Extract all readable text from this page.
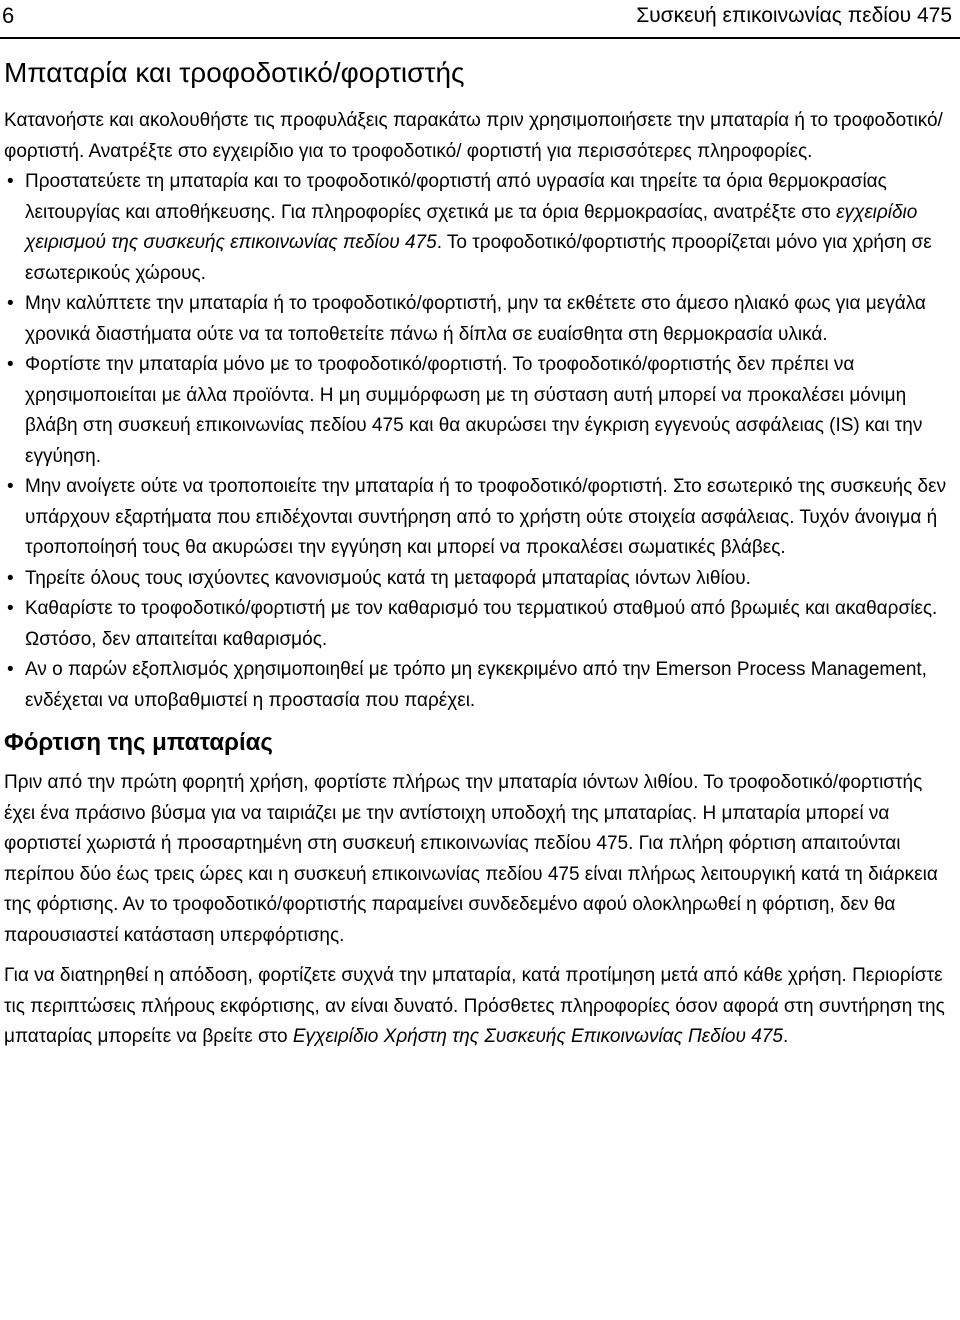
6	Συσκευή επικοινωνίας πεδίου 475
Μπαταρία και τροφοδοτικό/φορτιστής

Κατανοήστε και ακολουθήστε τις προφυλάξεις παρακάτω πριν χρησιμοποιήσετε την μπαταρία ή το τροφοδοτικό/φορτιστή. Ανατρέξτε στο εγχειρίδιο για το τροφοδοτικό/ φορτιστή για περισσότερες πληροφορίες.

• Προστατεύετε τη μπαταρία και το τροφοδοτικό/φορτιστή από υγρασία και τηρείτε τα όρια θερμοκρασίας λειτουργίας και αποθήκευσης. Για πληροφορίες σχετικά με τα όρια θερμοκρασίας, ανατρέξτε στο εγχειρίδιο χειρισμού της συσκευής επικοινωνίας πεδίου 475. Το τροφοδοτικό/φορτιστής προορίζεται μόνο για χρήση σε εσωτερικούς χώρους.
• Μην καλύπτετε την μπαταρία ή το τροφοδοτικό/φορτιστή, μην τα εκθέτετε στο άμεσο ηλιακό φως για μεγάλα χρονικά διαστήματα ούτε να τα τοποθετείτε πάνω ή δίπλα σε ευαίσθητα στη θερμοκρασία υλικά.
• Φορτίστε την μπαταρία μόνο με το τροφοδοτικό/φορτιστή. Το τροφοδοτικό/φορτιστής δεν πρέπει να χρησιμοποιείται με άλλα προϊόντα. Η μη συμμόρφωση με τη σύσταση αυτή μπορεί να προκαλέσει μόνιμη βλάβη στη συσκευή επικοινωνίας πεδίου 475 και θα ακυρώσει την έγκριση εγγενούς ασφάλειας (IS) και την εγγύηση.
• Μην ανοίγετε ούτε να τροποποιείτε την μπαταρία ή το τροφοδοτικό/φορτιστή. Στο εσωτερικό της συσκευής δεν υπάρχουν εξαρτήματα που επιδέχονται συντήρηση από το χρήστη ούτε στοιχεία ασφάλειας. Τυχόν άνοιγμα ή τροποποίησή τους θα ακυρώσει την εγγύηση και μπορεί να προκαλέσει σωματικές βλάβες.
• Τηρείτε όλους τους ισχύοντες κανονισμούς κατά τη μεταφορά μπαταρίας ιόντων λιθίου.
• Καθαρίστε το τροφοδοτικό/φορτιστή με τον καθαρισμό του τερματικού σταθμού από βρωμιές και ακαθαρσίες. Ωστόσο, δεν απαιτείται καθαρισμός.
• Αν ο παρών εξοπλισμός χρησιμοποιηθεί με τρόπο μη εγκεκριμένο από την Emerson Process Management, ενδέχεται να υποβαθμιστεί η προστασία που παρέχει.
Φόρτιση της μπαταρίας

Πριν από την πρώτη φορητή χρήση, φορτίστε πλήρως την μπαταρία ιόντων λιθίου. Το τροφοδοτικό/φορτιστής έχει ένα πράσινο βύσμα για να ταιριάζει με την αντίστοιχη υποδοχή της μπαταρίας. Η μπαταρία μπορεί να φορτιστεί χωριστά ή προσαρτημένη στη συσκευή επικοινωνίας πεδίου 475. Για πλήρη φόρτιση απαιτούνται περίπου δύο έως τρεις ώρες και η συσκευή επικοινωνίας πεδίου 475 είναι πλήρως λειτουργική κατά τη διάρκεια της φόρτισης. Αν το τροφοδοτικό/φορτιστής παραμείνει συνδεδεμένο αφού ολοκληρωθεί η φόρτιση, δεν θα παρουσιαστεί κατάσταση υπερφόρτισης.

Για να διατηρηθεί η απόδοση, φορτίζετε συχνά την μπαταρία, κατά προτίμηση μετά από κάθε χρήση. Περιορίστε τις περιπτώσεις πλήρους εκφόρτισης, αν είναι δυνατό. Πρόσθετες πληροφορίες όσον αφορά στη συντήρηση της μπαταρίας μπορείτε να βρείτε στο Εγχειρίδιο Χρήστη της Συσκευής Επικοινωνίας Πεδίου 475.
